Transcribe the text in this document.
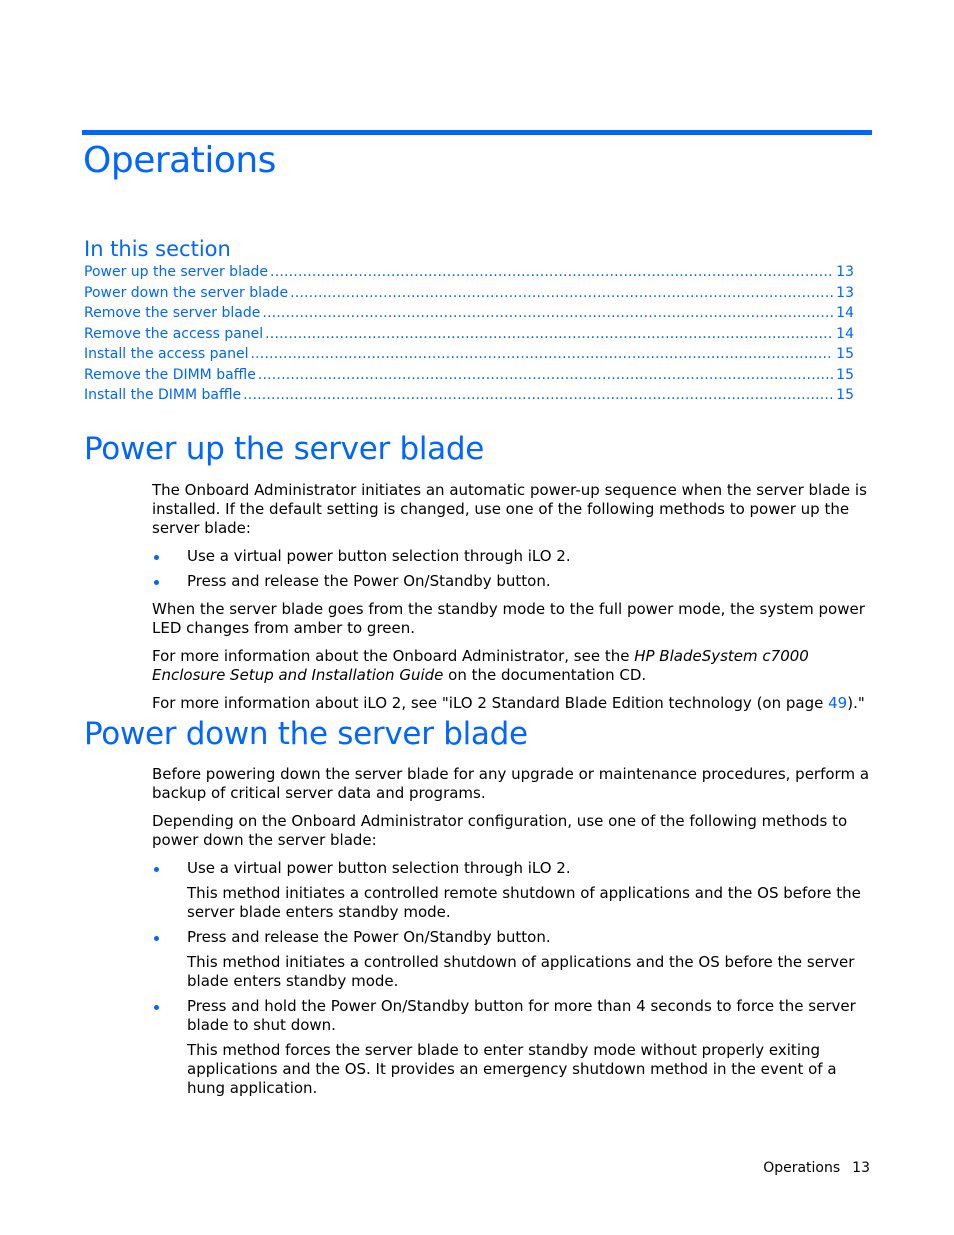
Operations
In this section
Power up the server blade .....	13
Power down the server blade .....	13
Remove the server blade .....	14
Remove the access panel .....	14
Install the access panel .....	15
Remove the DIMM baffle .....	15
Install the DIMM baffle .....	15
Power up the server blade

The Onboard Administrator initiates an automatic power-up sequence when the server blade is installed. If the default setting is changed, use one of the following methods to power up the server blade:

Use a virtual power button selection through iLO 2.
Press and release the Power On/Standby button.

When the server blade goes from the standby mode to the full power mode, the system power LED changes from amber to green.

For more information about the Onboard Administrator, see the HP BladeSystem c7000 Enclosure Setup and Installation Guide on the documentation CD.

For more information about iLO 2, see "iLO 2 Standard Blade Edition technology (on page 49)."

Power down the server blade

Before powering down the server blade for any upgrade or maintenance procedures, perform a backup of critical server data and programs.

Depending on the Onboard Administrator configuration, use one of the following methods to power down the server blade:

Use a virtual power button selection through iLO 2.
This method initiates a controlled remote shutdown of applications and the OS before the server blade enters standby mode.
Press and release the Power On/Standby button.
This method initiates a controlled shutdown of applications and the OS before the server blade enters standby mode.
Press and hold the Power On/Standby button for more than 4 seconds to force the server blade to shut down.
This method forces the server blade to enter standby mode without properly exiting applications and the OS. It provides an emergency shutdown method in the event of a hung application.
Operations 13
